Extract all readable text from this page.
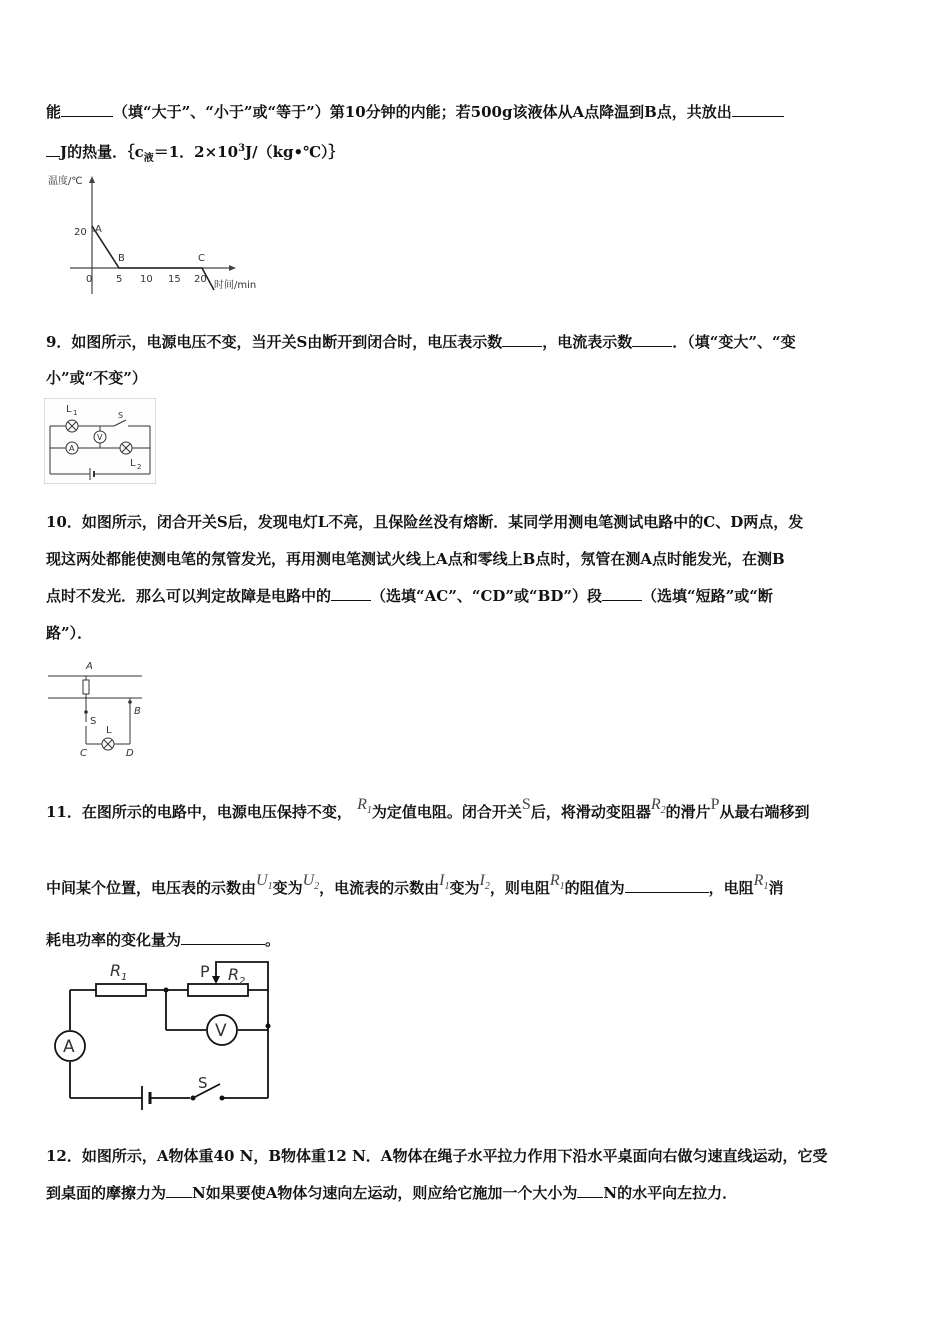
能	（填“大于”、“小于”或“等于”）第10分钟的内能；若500g该液体从A点降温到B点，共放出
J的热量．$\{c_液=1$．$2\times 10^3J/(kg•℃)\}$
温度/℃
20
0 5 10 15 20
时间/min
A
B	C
9．如图所示，电源电压不变，当开关S由断开到闭合时，电压表示数	，电流表示数	．（填“变大”、“变
小”或“不变”）
A
V
L 1	S
L 2
10．如图所示，闭合开关S后，发现电灯L不亮，且保险丝没有熔断．某同学用测电笔测试电路中的C、D两点，发
现这两处都能使测电笔的氖管发光，再用测电笔测试火线上A点和零线上B点时，氖管在测A点时能发光，在测B
点时不发光．那么可以判定故障是电路中的	（选填“AC”、“CD”或“BD”）段	（选填“短路”或“断
路”）．
A
S
L
B
C	D
11．在图所示的电路中，电源电压保持不变， $R_1$为定值电阻。闭合开关S后，将滑动变阻器$R_2$的滑片P从最右端移到
中间某个位置，电压表的示数由$U_1$变为$U_2$，电流表的示数由$I_1$变为$I_2$，则电阻$R_1$的阻值为	，电阻$R_1$消
耗电功率的变化量为	。
R 1	P R 2
V
A
S
12．如图所示，A物体重40 N，B物体重12 N．A物体在绳子水平拉力作用下沿水平桌面向右做匀速直线运动，它受
到桌面的摩擦力为 N如果要使A物体匀速向左运动，则应给它施加一个大小为 N的水平向左拉力．
